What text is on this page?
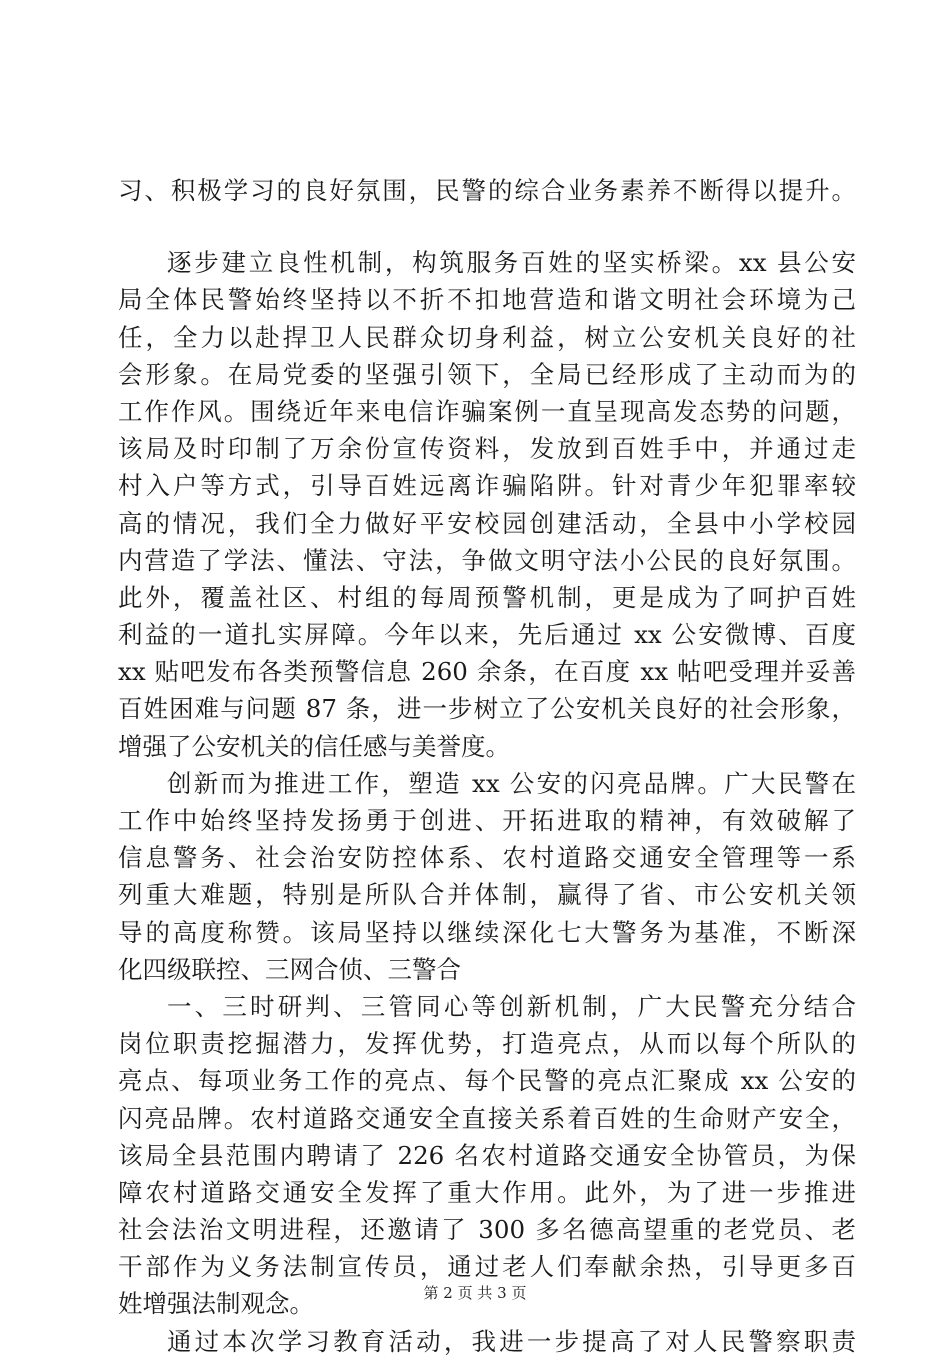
习、积极学习的良好氛围，民警的综合业务素养不断得以提升。
逐步建立良性机制，构筑服务百姓的坚实桥梁。xx 县公安
局全体民警始终坚持以不折不扣地营造和谐文明社会环境为己
任，全力以赴捍卫人民群众切身利益，树立公安机关良好的社
会形象。在局党委的坚强引领下，全局已经形成了主动而为的
工作作风。围绕近年来电信诈骗案例一直呈现高发态势的问题，
该局及时印制了万余份宣传资料，发放到百姓手中，并通过走
村入户等方式，引导百姓远离诈骗陷阱。针对青少年犯罪率较
高的情况，我们全力做好平安校园创建活动，全县中小学校园
内营造了学法、懂法、守法，争做文明守法小公民的良好氛围。
此外，覆盖社区、村组的每周预警机制，更是成为了呵护百姓
利益的一道扎实屏障。今年以来，先后通过 xx 公安微博、百度
xx 贴吧发布各类预警信息 260 余条，在百度 xx 帖吧受理并妥善
百姓困难与问题 87 条，进一步树立了公安机关良好的社会形象，
增强了公安机关的信任感与美誉度。
创新而为推进工作，塑造 xx 公安的闪亮品牌。广大民警在
工作中始终坚持发扬勇于创进、开拓进取的精神，有效破解了
信息警务、社会治安防控体系、农村道路交通安全管理等一系
列重大难题，特别是所队合并体制，赢得了省、市公安机关领
导的高度称赞。该局坚持以继续深化七大警务为基准，不断深
化四级联控、三网合侦、三警合
一、三时研判、三管同心等创新机制，广大民警充分结合
岗位职责挖掘潜力，发挥优势，打造亮点，从而以每个所队的
亮点、每项业务工作的亮点、每个民警的亮点汇聚成 xx 公安的
闪亮品牌。农村道路交通安全直接关系着百姓的生命财产安全，
该局全县范围内聘请了 226 名农村道路交通安全协管员，为保
障农村道路交通安全发挥了重大作用。此外，为了进一步推进
社会法治文明进程，还邀请了 300 多名德高望重的老党员、老
干部作为义务法制宣传员，通过老人们奉献余热，引导更多百
姓增强法制观念。
通过本次学习教育活动，我进一步提高了对人民警察职责
第 2 页 共 3 页
